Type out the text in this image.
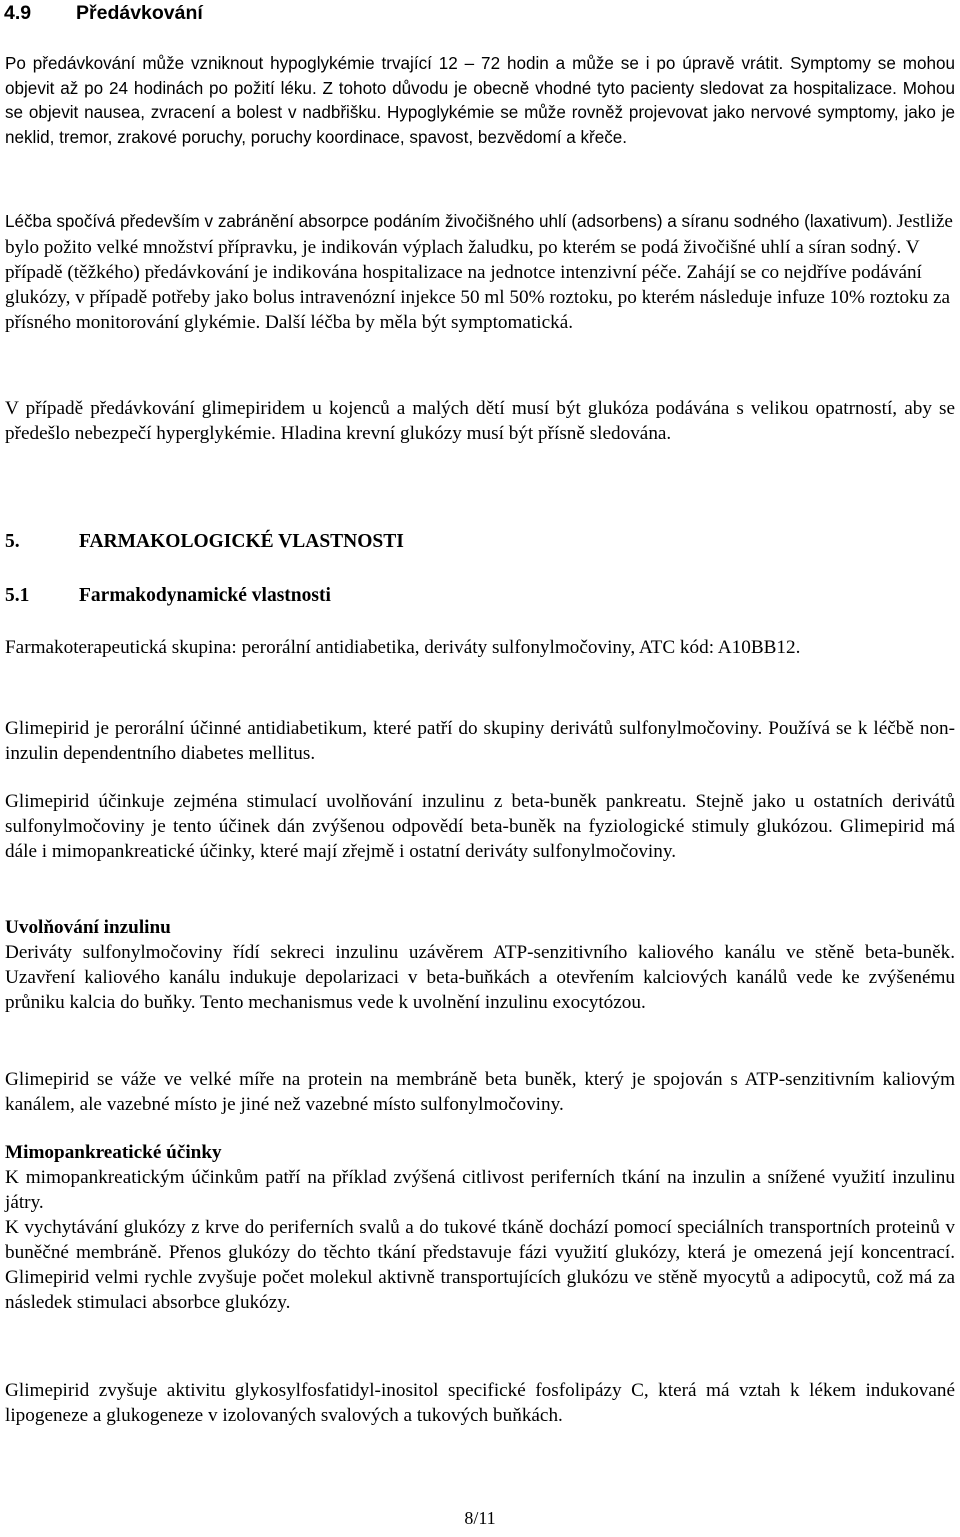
4.9 Předávkování

Po předávkování může vzniknout hypoglykémie trvající 12 – 72 hodin a může se i po úpravě vrátit. Symptomy se mohou objevit až po 24 hodinách po požití léku. Z tohoto důvodu je obecně vhodné tyto pacienty sledovat za hospitalizace. Mohou se objevit nausea, zvracení a bolest v nadbřišku. Hypoglykémie se může rovněž projevovat jako nervové symptomy, jako je neklid, tremor, zrakové poruchy, poruchy koordinace, spavost, bezvědomí a křeče.

Léčba spočívá především v zabránění absorpce podáním živočišného uhlí (adsorbens) a síranu sodného (laxativum). Jestliže bylo požito velké množství přípravku, je indikován výplach žaludku, po kterém se podá živočišné uhlí a síran sodný. V případě (těžkého) předávkování je indikována hospitalizace na jednotce intenzivní péče. Zahájí se co nejdříve podávání glukózy, v případě potřeby jako bolus intravenózní injekce 50 ml 50% roztoku, po kterém následuje infuze 10% roztoku za přísného monitorování glykémie. Další léčba by měla být symptomatická.

V případě předávkování glimepiridem u kojenců a malých dětí musí být glukóza podávána s velikou opatrností, aby se předešlo nebezpečí hyperglykémie. Hladina krevní glukózy musí být přísně sledována.

5.	FARMAKOLOGICKÉ VLASTNOSTI
5.1	Farmakodynamické vlastnosti

Farmakoterapeutická skupina: perorální antidiabetika, deriváty sulfonylmočoviny, ATC kód: A10BB12.

Glimepirid je perorální účinné antidiabetikum, které patří do skupiny derivátů sulfonylmočoviny. Používá se k léčbě non-inzulin dependentního diabetes mellitus.

Glimepirid účinkuje zejména stimulací uvolňování inzulinu z beta-buněk pankreatu. Stejně jako u ostatních derivátů sulfonylmočoviny je tento účinek dán zvýšenou odpovědí beta-buněk na fyziologické stimuly glukózou. Glimepirid má dále i mimopankreatické účinky, které mají zřejmě i ostatní deriváty sulfonylmočoviny.

Uvolňování inzulinu
Deriváty sulfonylmočoviny řídí sekreci inzulinu uzávěrem ATP-senzitivního kaliového kanálu ve stěně beta-buněk. Uzavření kaliového kanálu indukuje depolarizaci v beta-buňkách a otevřením kalciových kanálů vede ke zvýšenému průniku kalcia do buňky. Tento mechanismus vede k uvolnění inzulinu exocytózou.

Glimepirid se váže ve velké míře na protein na membráně beta buněk, který je spojován s ATP-senzitivním kaliovým kanálem, ale vazebné místo je jiné než vazebné místo sulfonylmočoviny.

Mimopankreatické účinky
K mimopankreatickým účinkům patří na příklad zvýšená citlivost periferních tkání na inzulin a snížené využití inzulinu játry.
K vychytávání glukózy z krve do periferních svalů a do tukové tkáně dochází pomocí speciálních transportních proteinů v buněčné membráně. Přenos glukózy do těchto tkání představuje fázi využití glukózy, která je omezená její koncentrací. Glimepirid velmi rychle zvyšuje počet molekul aktivně transportujících glukózu ve stěně myocytů a adipocytů, což má za následek stimulaci absorbce glukózy.

Glimepirid zvyšuje aktivitu glykosylfosfatidyl-inositol specifické fosfolipázy C, která má vztah k lékem indukované lipogeneze a glukogeneze v izolovaných svalových a tukových buňkách.

8/11
